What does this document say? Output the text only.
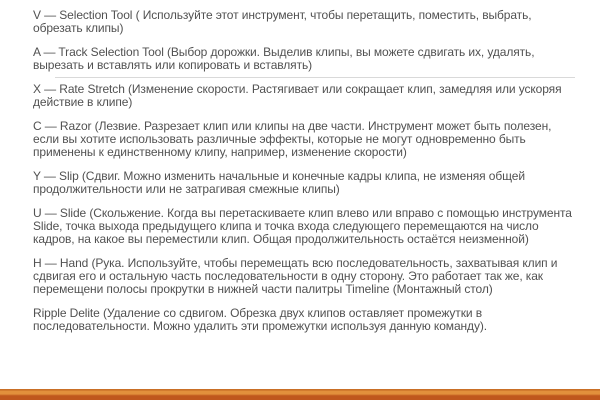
V — Selection Tool ( Используйте этот инструмент, чтобы перетащить, поместить, выбрать, обрезать клипы)

A — Track Selection Tool (Выбор дорожки. Выделив клипы, вы можете сдвигать их, удалять, вырезать и вставлять или копировать и вставлять)

X — Rate Stretch (Изменение скорости. Растягивает или сокращает клип, замедляя или ускоряя действие в клипе)

C — Razor (Лезвие. Разрезает клип или клипы на две части. Инструмент может быть полезен, если вы хотите использовать различные эффекты, которые не могут одновременно быть применены к единственному клипу, например, изменение скорости)

Y — Slip (Сдвиг. Можно изменить начальные и конечные кадры клипа, не изменяя общей продолжительности или не затрагивая смежные клипы)

U — Slide (Скольжение. Когда вы перетаскиваете клип влево или вправо с помощью инструмента Slide, точка выхода предыдущего клипа и точка входа следующего перемещаются на число кадров, на какое вы переместили клип. Общая продолжительность остаётся неизменной)

H — Hand (Рука. Используйте, чтобы перемещать всю последовательность, захватывая клип и сдвигая его и остальную часть последовательности в одну сторону. Это работает так же, как перемещени полосы прокрутки в нижней части палитры Timeline (Монтажный стол)

Ripple Delite (Удаление со сдвигом. Обрезка двух клипов оставляет промежутки в последовательности. Можно удалить эти промежутки используя данную команду).
